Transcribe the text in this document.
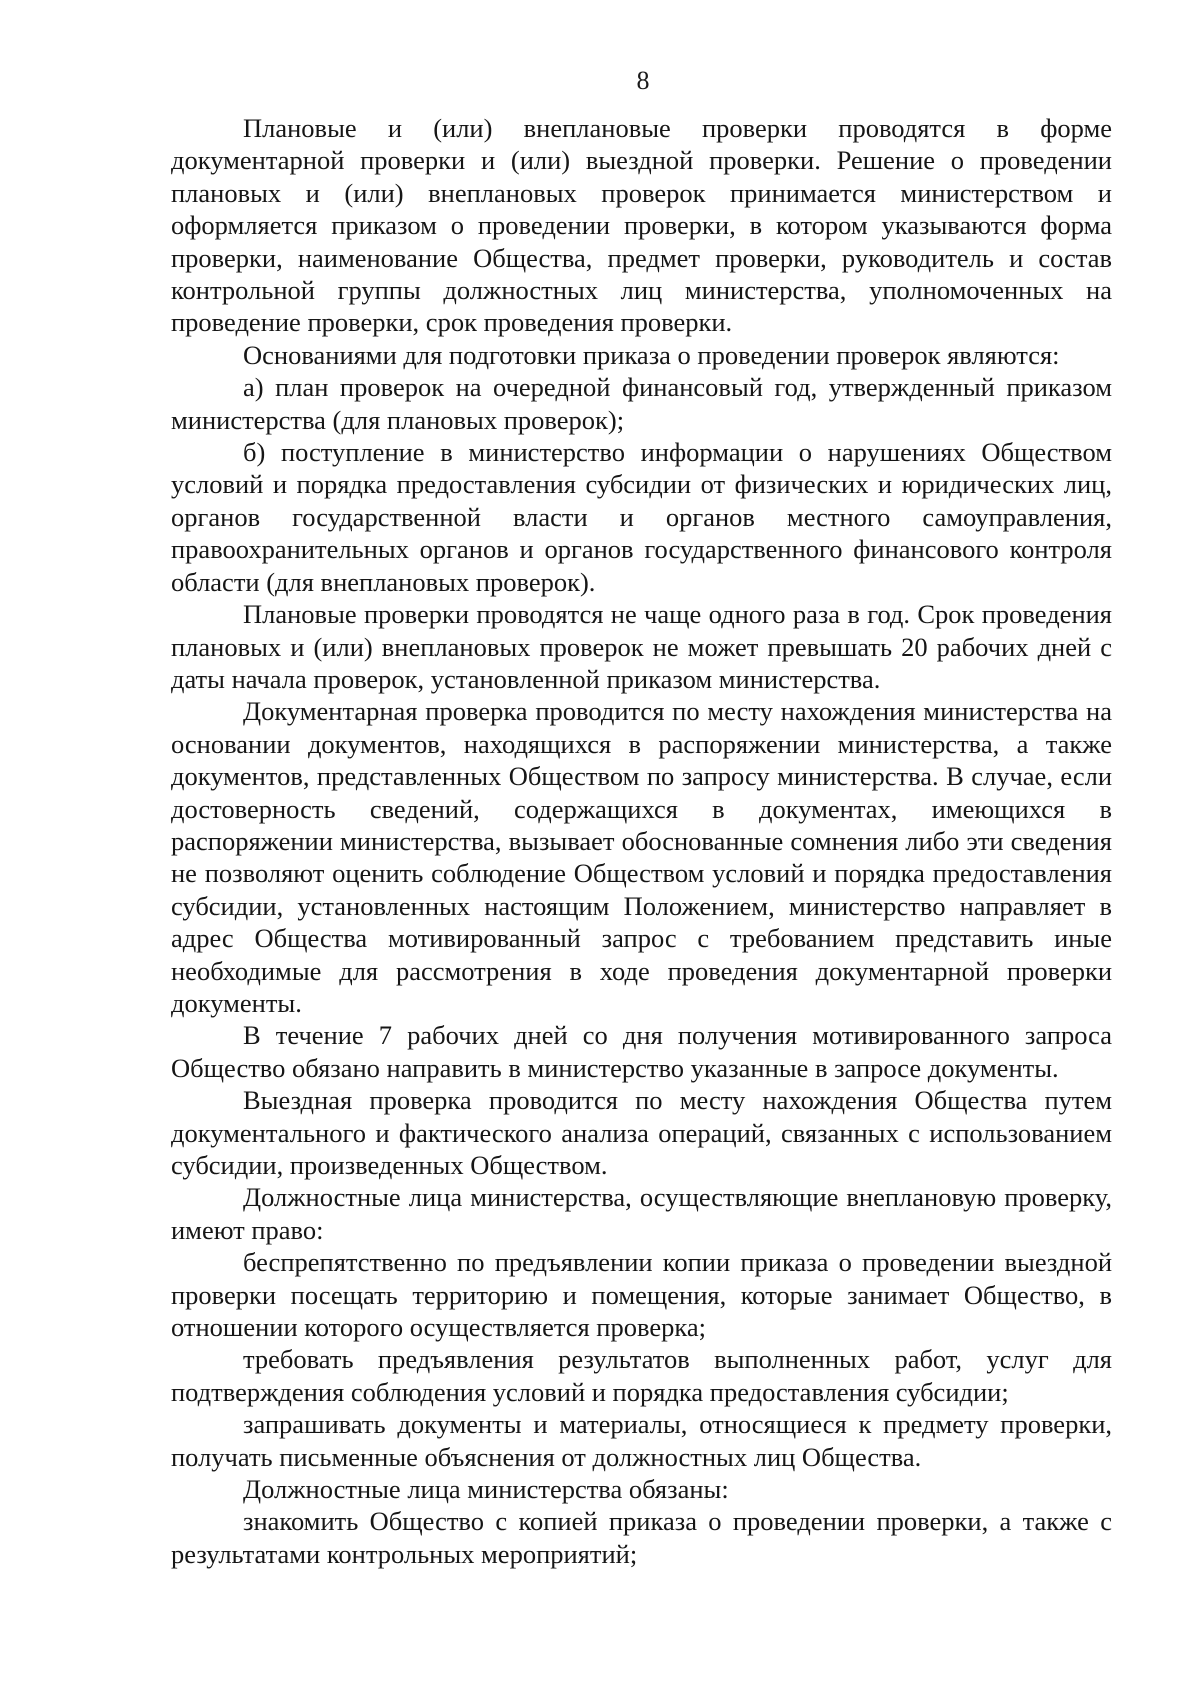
8

Плановые и (или) внеплановые проверки проводятся в форме документарной проверки и (или) выездной проверки. Решение о проведении плановых и (или) внеплановых проверок принимается министерством и оформляется приказом о проведении проверки, в котором указываются форма проверки, наименование Общества, предмет проверки, руководитель и состав контрольной группы должностных лиц министерства, уполномоченных на проведение проверки, срок проведения проверки.

Основаниями для подготовки приказа о проведении проверок являются:

а) план проверок на очередной финансовый год, утвержденный приказом министерства (для плановых проверок);

б) поступление в министерство информации о нарушениях Обществом условий и порядка предоставления субсидии от физических и юридических лиц, органов государственной власти и органов местного самоуправления, правоохранительных органов и органов государственного финансового контроля области (для внеплановых проверок).

Плановые проверки проводятся не чаще одного раза в год. Срок проведения плановых и (или) внеплановых проверок не может превышать 20 рабочих дней с даты начала проверок, установленной приказом министерства.

Документарная проверка проводится по месту нахождения министерства на основании документов, находящихся в распоряжении министерства, а также документов, представленных Обществом по запросу министерства. В случае, если достоверность сведений, содержащихся в документах, имеющихся в распоряжении министерства, вызывает обоснованные сомнения либо эти сведения не позволяют оценить соблюдение Обществом условий и порядка предоставления субсидии, установленных настоящим Положением, министерство направляет в адрес Общества мотивированный запрос с требованием представить иные необходимые для рассмотрения в ходе проведения документарной проверки документы.

В течение 7 рабочих дней со дня получения мотивированного запроса Общество обязано направить в министерство указанные в запросе документы.

Выездная проверка проводится по месту нахождения Общества путем документального и фактического анализа операций, связанных с использованием субсидии, произведенных Обществом.

Должностные лица министерства, осуществляющие внеплановую проверку, имеют право:

беспрепятственно по предъявлении копии приказа о проведении выездной проверки посещать территорию и помещения, которые занимает Общество, в отношении которого осуществляется проверка;

требовать предъявления результатов выполненных работ, услуг для подтверждения соблюдения условий и порядка предоставления субсидии;

запрашивать документы и материалы, относящиеся к предмету проверки, получать письменные объяснения от должностных лиц Общества.

Должностные лица министерства обязаны:

знакомить Общество с копией приказа о проведении проверки, а также с результатами контрольных мероприятий;
